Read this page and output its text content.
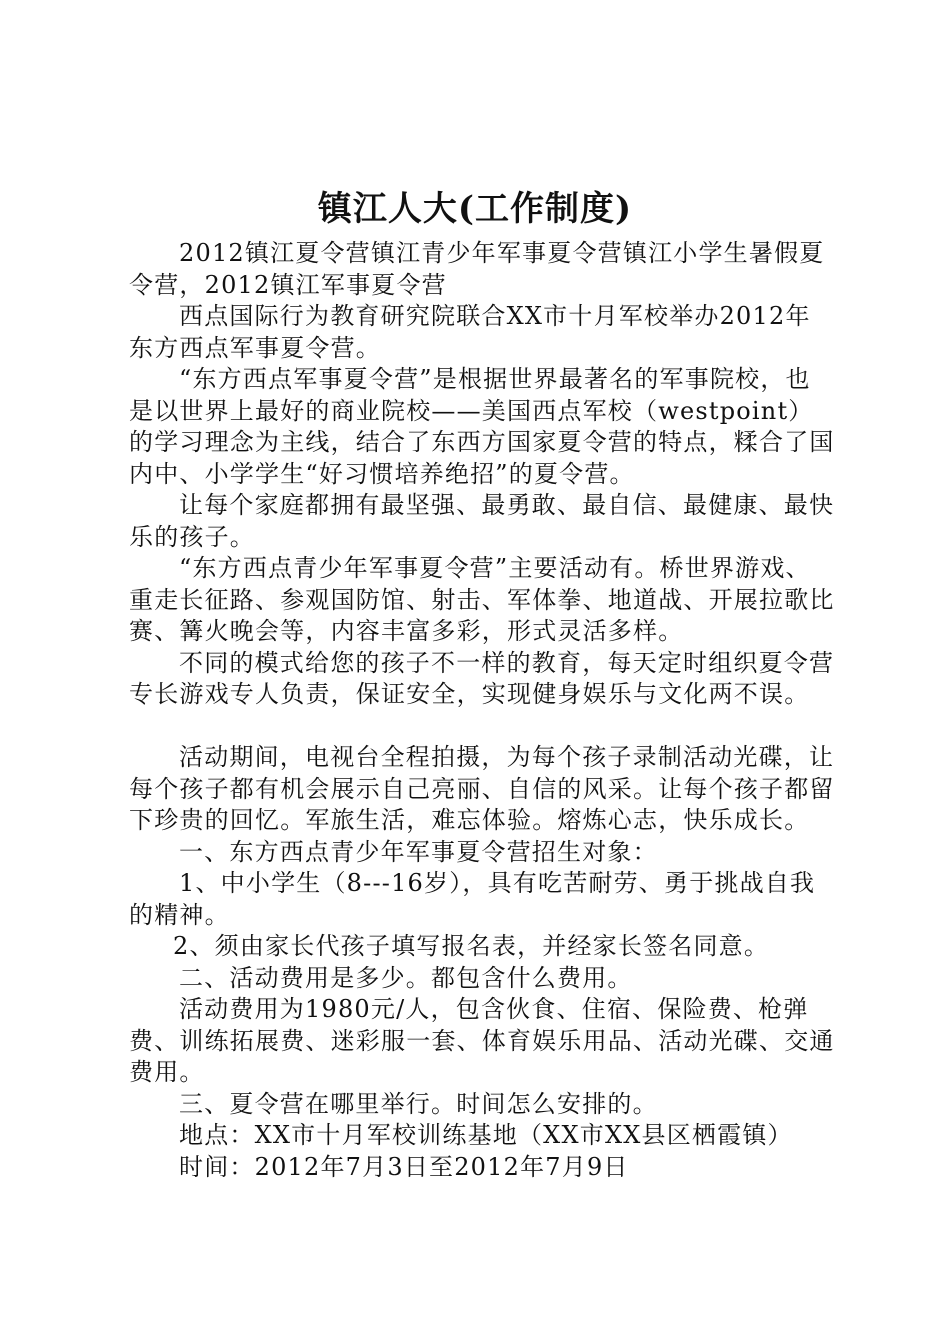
镇江人大(工作制度)

2012镇江夏令营镇江青少年军事夏令营镇江小学生暑假夏令营，2012镇江军事夏令营

西点国际行为教育研究院联合XX市十月军校举办2012年东方西点军事夏令营。

“东方西点军事夏令营”是根据世界最著名的军事院校，也是以世界上最好的商业院校——美国西点军校（westpoint）的学习理念为主线，结合了东西方国家夏令营的特点，糅合了国内中、小学学生“好习惯培养绝招”的夏令营。

让每个家庭都拥有最坚强、最勇敢、最自信、最健康、最快乐的孩子。

“东方西点青少年军事夏令营”主要活动有。桥世界游戏、重走长征路、参观国防馆、射击、军体拳、地道战、开展拉歌比赛、篝火晚会等，内容丰富多彩，形式灵活多样。

不同的模式给您的孩子不一样的教育，每天定时组织夏令营专长游戏专人负责，保证安全，实现健身娱乐与文化两不误。

活动期间，电视台全程拍摄，为每个孩子录制活动光碟，让每个孩子都有机会展示自己亮丽、自信的风采。让每个孩子都留下珍贵的回忆。军旅生活，难忘体验。熔炼心志，快乐成长。

一、东方西点青少年军事夏令营招生对象：

1、中小学生（8---16岁），具有吃苦耐劳、勇于挑战自我的精神。

2、须由家长代孩子填写报名表，并经家长签名同意。

二、活动费用是多少。都包含什么费用。

活动费用为1980元/人，包含伙食、住宿、保险费、枪弹费、训练拓展费、迷彩服一套、体育娱乐用品、活动光碟、交通费用。

三、夏令营在哪里举行。时间怎么安排的。

地点：XX市十月军校训练基地（XX市XX县区栖霞镇）

时间：2012年7月3日至2012年7月9日
